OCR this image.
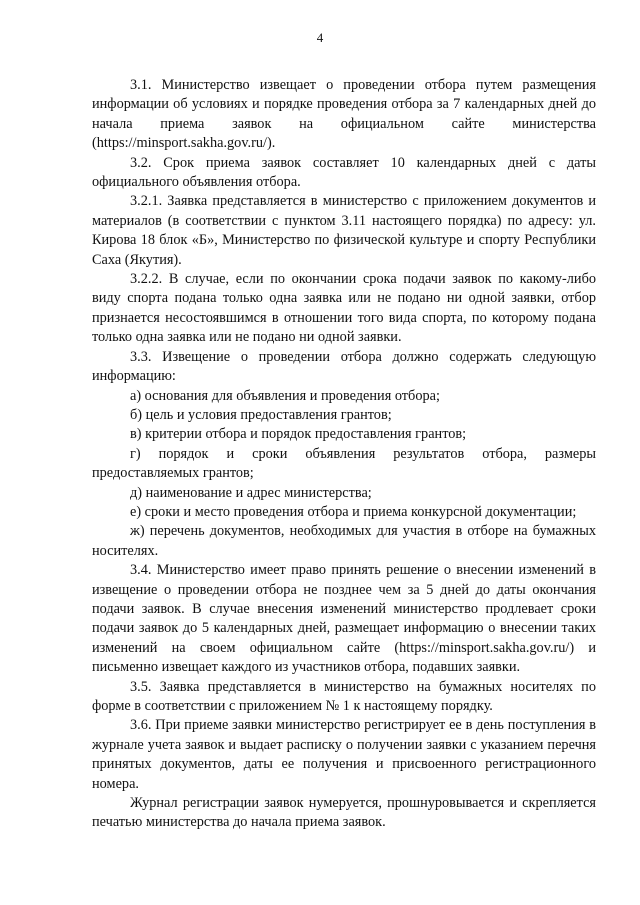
4

3.1. Министерство извещает о проведении отбора путем размещения информации об условиях и порядке проведения отбора за 7 календарных дней до начала приема заявок на официальном сайте министерства (https://minsport.sakha.gov.ru/).

3.2. Срок приема заявок составляет 10 календарных дней с даты официального объявления отбора.

3.2.1. Заявка представляется в министерство с приложением документов и материалов (в соответствии с пунктом 3.11 настоящего порядка) по адресу: ул. Кирова 18 блок «Б», Министерство по физической культуре и спорту Республики Саха (Якутия).

3.2.2. В случае, если по окончании срока подачи заявок по какому-либо виду спорта подана только одна заявка или не подано ни одной заявки, отбор признается несостоявшимся в отношении того вида спорта, по которому подана только одна заявка или не подано ни одной заявки.

3.3. Извещение о проведении отбора должно содержать следующую информацию:

а) основания для объявления и проведения отбора;

б) цель и условия предоставления грантов;

в) критерии отбора и порядок предоставления грантов;

г) порядок и сроки объявления результатов отбора, размеры предоставляемых грантов;

д) наименование и адрес министерства;

е) сроки и место проведения отбора и приема конкурсной документации;

ж) перечень документов, необходимых для участия в отборе на бумажных носителях.

3.4. Министерство имеет право принять решение о внесении изменений в извещение о проведении отбора не позднее чем за 5 дней до даты окончания подачи заявок. В случае внесения изменений министерство продлевает сроки подачи заявок до 5 календарных дней, размещает информацию о внесении таких изменений на своем официальном сайте (https://minsport.sakha.gov.ru/) и письменно извещает каждого из участников отбора, подавших заявки.

3.5. Заявка представляется в министерство на бумажных носителях по форме в соответствии с приложением № 1 к настоящему порядку.

3.6. При приеме заявки министерство регистрирует ее в день поступления в журнале учета заявок и выдает расписку о получении заявки с указанием перечня принятых документов, даты ее получения и присвоенного регистрационного номера.

Журнал регистрации заявок нумеруется, прошнуровывается и скрепляется печатью министерства до начала приема заявок.
